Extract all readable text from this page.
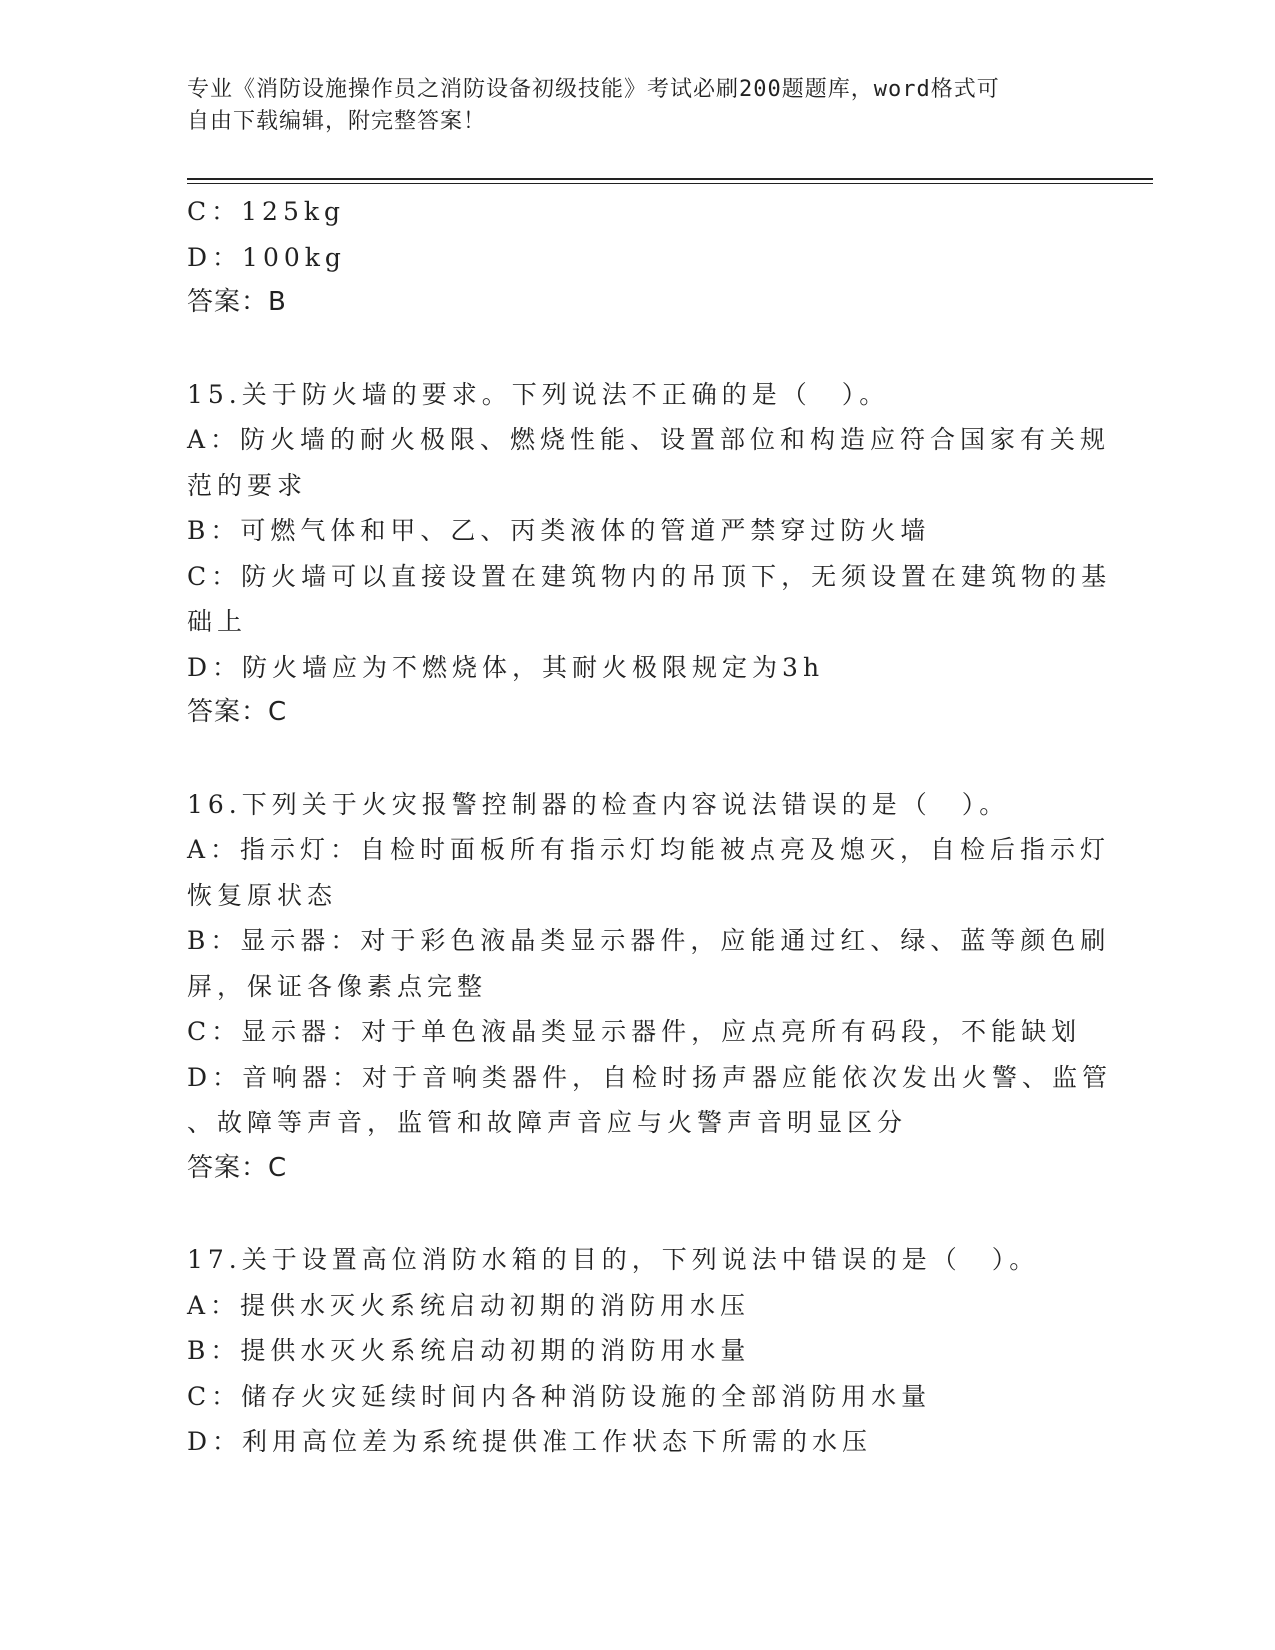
专业《消防设施操作员之消防设备初级技能》考试必刷200题题库，word格式可
自由下载编辑，附完整答案！
C：125kg
D：100kg
答案：B
15.关于防火墙的要求。下列说法不正确的是（　）。
A：防火墙的耐火极限、燃烧性能、设置部位和构造应符合国家有关规
范的要求
B：可燃气体和甲、乙、丙类液体的管道严禁穿过防火墙
C：防火墙可以直接设置在建筑物内的吊顶下，无须设置在建筑物的基
础上
D：防火墙应为不燃烧体，其耐火极限规定为3h
答案：C
16.下列关于火灾报警控制器的检查内容说法错误的是（　）。
A：指示灯：自检时面板所有指示灯均能被点亮及熄灭，自检后指示灯
恢复原状态
B：显示器：对于彩色液晶类显示器件，应能通过红、绿、蓝等颜色刷
屏，保证各像素点完整
C：显示器：对于单色液晶类显示器件，应点亮所有码段，不能缺划
D：音响器：对于音响类器件，自检时扬声器应能依次发出火警、监管
、故障等声音，监管和故障声音应与火警声音明显区分
答案：C
17.关于设置高位消防水箱的目的，下列说法中错误的是（　）。
A：提供水灭火系统启动初期的消防用水压
B：提供水灭火系统启动初期的消防用水量
C：储存火灾延续时间内各种消防设施的全部消防用水量
D：利用高位差为系统提供准工作状态下所需的水压
